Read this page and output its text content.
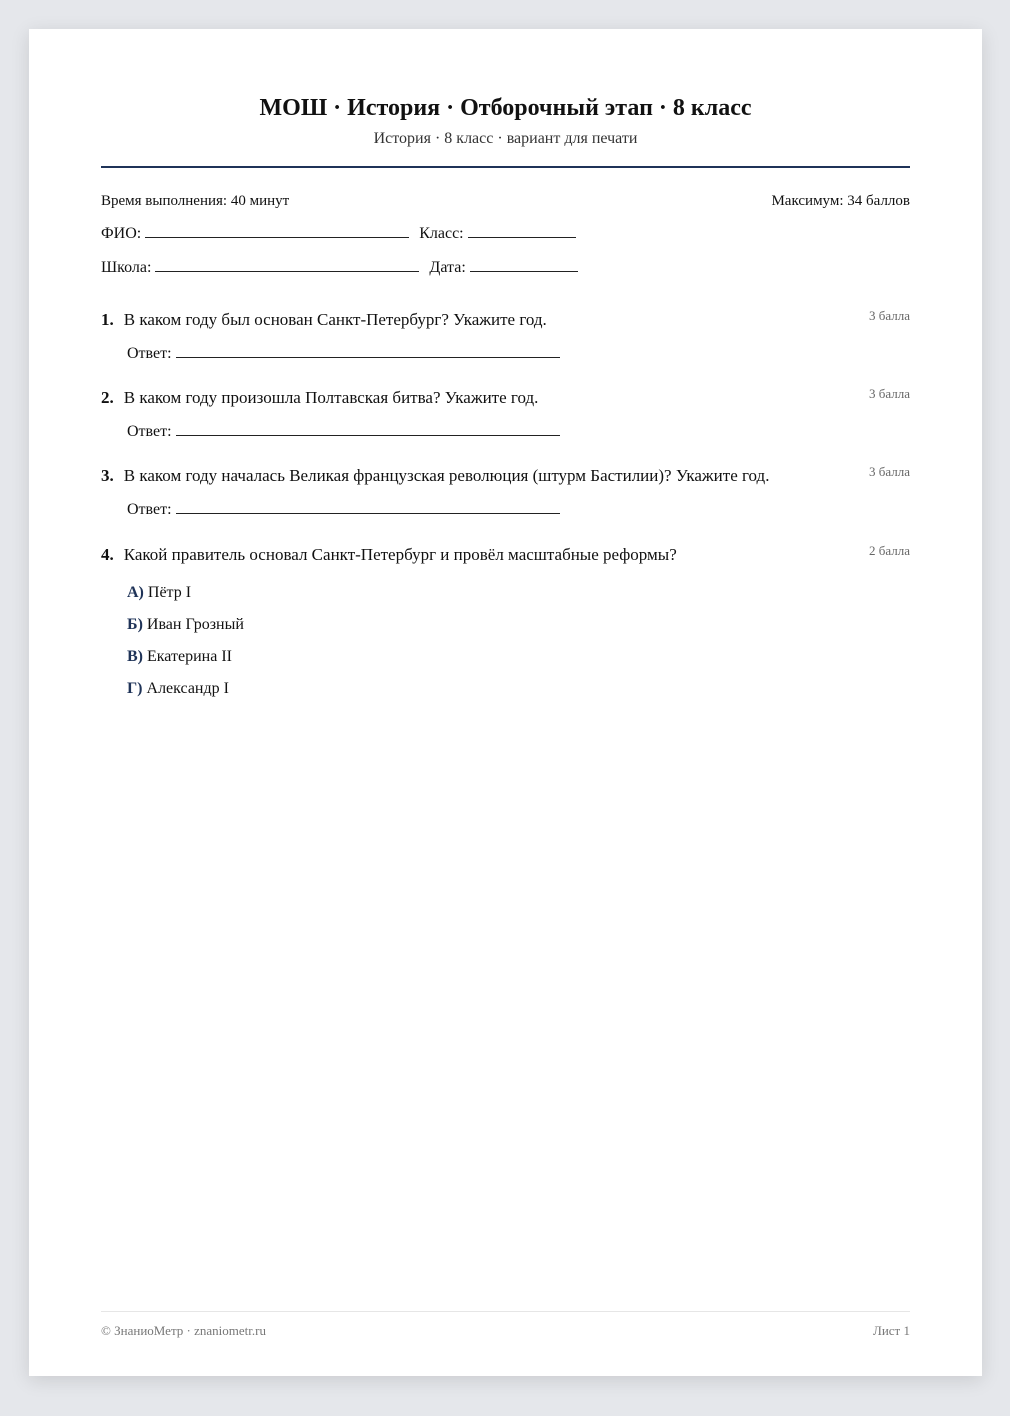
МОШ · История · Отборочный этап · 8 класс

История · 8 класс · вариант для печати

Время выполнения: 40 минут	Максимум: 34 баллов
ФИО:	Класс:
Школа:	Дата:
1. В каком году был основан Санкт-Петербург? Укажите год.	3 балла
Ответ:
2. В каком году произошла Полтавская битва? Укажите год.	3 балла
Ответ:
3. В каком году началась Великая французская революция (штурм Бастилии)? Укажите год.	3 балла
Ответ:
4. Какой правитель основал Санкт-Петербург и провёл масштабные реформы?	2 балла
А) Пётр I
Б) Иван Грозный
В) Екатерина II
Г) Александр I
© ЗнаниоМетр · znaniometr.ru	Лист 1
